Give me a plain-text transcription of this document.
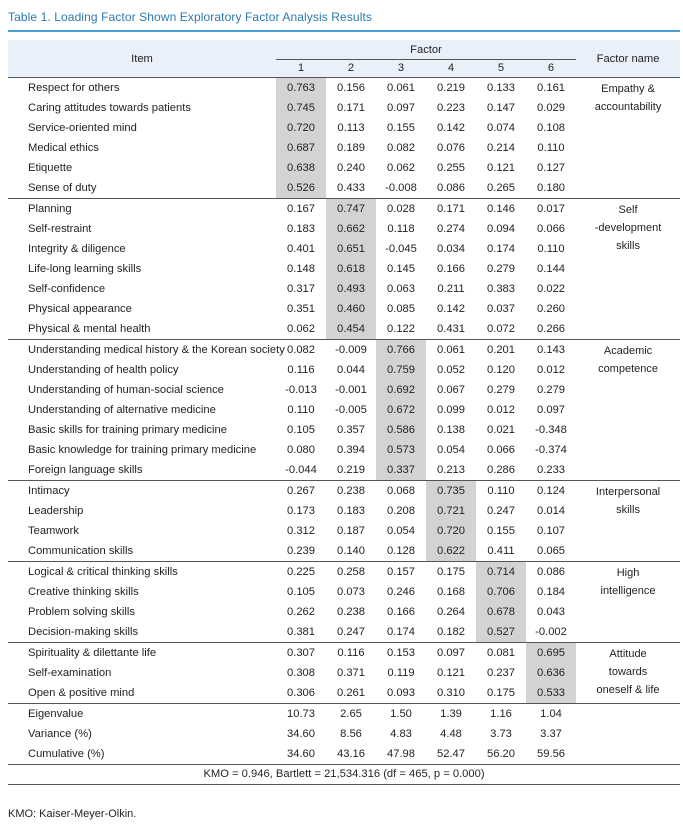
Table 1. Loading Factor Shown Exploratory Factor Analysis Results
Item	Factor						Factor name
	1	2	3	4	5	6	
Respect for others	0.763	0.156	0.061	0.219	0.133	0.161	Empathy &
accountability
Caring attitudes towards patients	0.745	0.171	0.097	0.223	0.147	0.029	
Service-oriented mind	0.720	0.113	0.155	0.142	0.074	0.108	
Medical ethics	0.687	0.189	0.082	0.076	0.214	0.110	
Etiquette	0.638	0.240	0.062	0.255	0.121	0.127	
Sense of duty	0.526	0.433	-0.008	0.086	0.265	0.180	
Planning	0.167	0.747	0.028	0.171	0.146	0.017	Self
-development
skills
Self-restraint	0.183	0.662	0.118	0.274	0.094	0.066	
Integrity & diligence	0.401	0.651	-0.045	0.034	0.174	0.110	
Life-long learning skills	0.148	0.618	0.145	0.166	0.279	0.144	
Self-confidence	0.317	0.493	0.063	0.211	0.383	0.022	
Physical appearance	0.351	0.460	0.085	0.142	0.037	0.260	
Physical & mental health	0.062	0.454	0.122	0.431	0.072	0.266	
Understanding medical history & the Korean society	0.082	-0.009	0.766	0.061	0.201	0.143	Academic
competence
Understanding of health policy	0.116	0.044	0.759	0.052	0.120	0.012	
Understanding of human-social science	-0.013	-0.001	0.692	0.067	0.279	0.279	
Understanding of alternative medicine	0.110	-0.005	0.672	0.099	0.012	0.097	
Basic skills for training primary medicine	0.105	0.357	0.586	0.138	0.021	-0.348	
Basic knowledge for training primary medicine	0.080	0.394	0.573	0.054	0.066	-0.374	
Foreign language skills	-0.044	0.219	0.337	0.213	0.286	0.233	
Intimacy	0.267	0.238	0.068	0.735	0.110	0.124	Interpersonal
skills
Leadership	0.173	0.183	0.208	0.721	0.247	0.014	
Teamwork	0.312	0.187	0.054	0.720	0.155	0.107	
Communication skills	0.239	0.140	0.128	0.622	0.411	0.065	
Logical & critical thinking skills	0.225	0.258	0.157	0.175	0.714	0.086	High
intelligence
Creative thinking skills	0.105	0.073	0.246	0.168	0.706	0.184	
Problem solving skills	0.262	0.238	0.166	0.264	0.678	0.043	
Decision-making skills	0.381	0.247	0.174	0.182	0.527	-0.002	
Spirituality & dilettante life	0.307	0.116	0.153	0.097	0.081	0.695	Attitude
towards
oneself & life
Self-examination	0.308	0.371	0.119	0.121	0.237	0.636	
Open & positive mind	0.306	0.261	0.093	0.310	0.175	0.533	
Eigenvalue	10.73	2.65	1.50	1.39	1.16	1.04	
Variance (%)	34.60	8.56	4.83	4.48	3.73	3.37	
Cumulative (%)	34.60	43.16	47.98	52.47	56.20	59.56	
KMO = 0.946, Bartlett = 21,534.316 (df = 465, p = 0.000)							
KMO: Kaiser-Meyer-Olkin.
